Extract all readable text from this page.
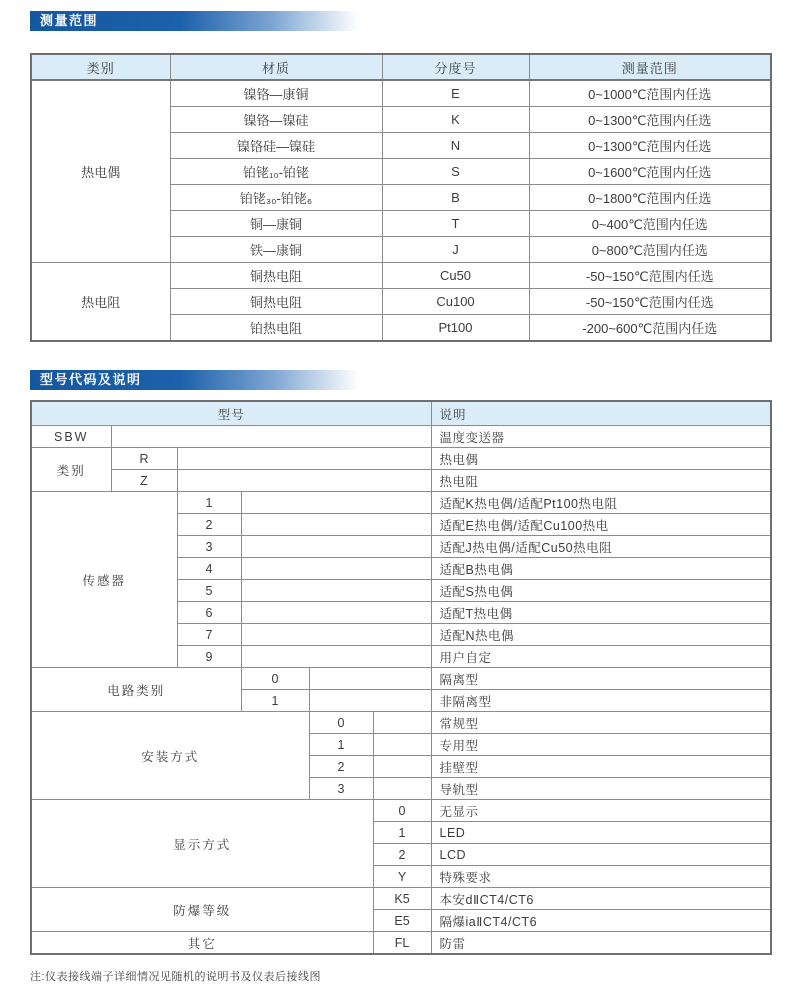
测量范围
类别	材质	分度号	测量范围
热电偶	镍铬—康铜	E	0~1000℃范围内任选
	镍铬—镍硅	K	0~1300℃范围内任选
	镍铬硅—镍硅	N	0~1300℃范围内任选
	铂铑₁₀-铂铑	S	0~1600℃范围内任选
	铂铑₃₀-铂铑₆	B	0~1800℃范围内任选
	铜—康铜	T	0~400℃范围内任选
	铁—康铜	J	0~800℃范围内任选
热电阻	铜热电阻	Cu50	-50~150℃范围内任选
	铜热电阻	Cu100	-50~150℃范围内任选
	铂热电阻	Pt100	-200~600℃范围内任选
型号代码及说明
型号						说明
SBW						温度变送器
类别	R					热电偶
	Z					热电阻
传感器		1				适配K热电偶/适配Pt100热电阻
		2				适配E热电偶/适配Cu100热电
		3				适配J热电偶/适配Cu50热电阻
		4				适配B热电偶
		5				适配S热电偶
		6				适配T热电偶
		7				适配N热电偶
		9				用户自定
电路类别			0			隔离型
			1			非隔离型
安装方式				0		常规型
				1		专用型
				2		挂壁型
				3		导轨型
显示方式					0	无显示
					1	LED
					2	LCD
					Y	特殊要求
防爆等级					K5	本安dⅡCT4/CT6
					E5	隔爆iaⅡCT4/CT6
其它					FL	防雷
注:仪表接线端子详细情况见随机的说明书及仪表后接线图
